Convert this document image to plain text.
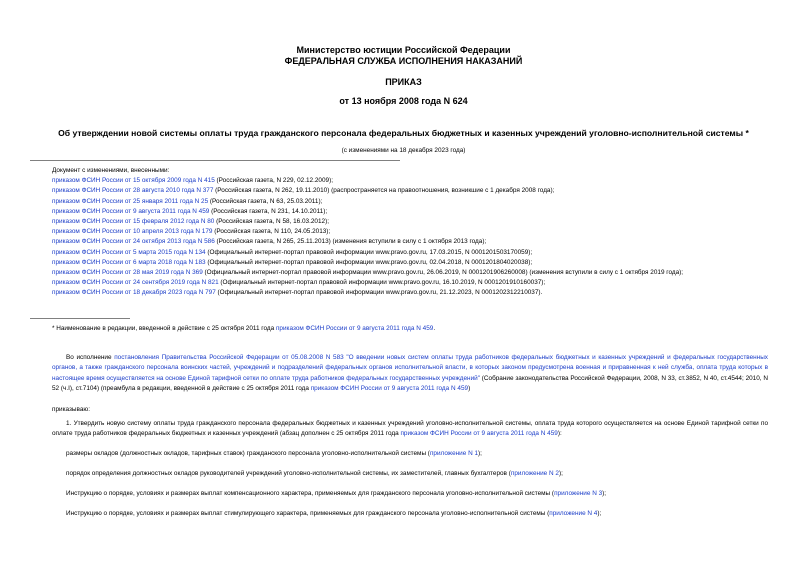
Министерство юстиции Российской Федерации
ФЕДЕРАЛЬНАЯ СЛУЖБА ИСПОЛНЕНИЯ НАКАЗАНИЙ
ПРИКАЗ
от 13 ноября 2008 года N 624
Об утверждении новой системы оплаты труда гражданского персонала федеральных бюджетных и казенных учреждений уголовно-исполнительной системы *
(с изменениями на 18 декабря 2023 года)
Документ с изменениями, внесенными:
приказом ФСИН России от 15 октября 2009 года N 415 (Российская газета, N 229, 02.12.2009);
приказом ФСИН России от 28 августа 2010 года N 377 (Российская газета, N 262, 19.11.2010) (распространяется на правоотношения, возникшие с 1 декабря 2008 года);
приказом ФСИН России от 25 января 2011 года N 25 (Российская газета, N 63, 25.03.2011);
приказом ФСИН России от 9 августа 2011 года N 459 (Российская газета, N 231, 14.10.2011);
приказом ФСИН России от 15 февраля 2012 года N 80 (Российская газета, N 58, 16.03.2012);
приказом ФСИН России от 10 апреля 2013 года N 179 (Российская газета, N 110, 24.05.2013);
приказом ФСИН России от 24 октября 2013 года N 586 (Российская газета, N 265, 25.11.2013) (изменения вступили в силу с 1 октября 2013 года);
приказом ФСИН России от 5 марта 2015 года N 134 (Официальный интернет-портал правовой информации www.pravo.gov.ru, 17.03.2015, N 0001201503170059);
приказом ФСИН России от 6 марта 2018 года N 183 (Официальный интернет-портал правовой информации www.pravo.gov.ru, 02.04.2018, N 0001201804020038);
приказом ФСИН России от 28 мая 2019 года N 369 (Официальный интернет-портал правовой информации www.pravo.gov.ru, 26.06.2019, N 0001201906260008) (изменения вступили в силу с 1 октября 2019 года);
приказом ФСИН России от 24 сентября 2019 года N 821 (Официальный интернет-портал правовой информации www.pravo.gov.ru, 16.10.2019, N 0001201910160037);
приказом ФСИН России от 18 декабря 2023 года N 797 (Официальный интернет-портал правовой информации www.pravo.gov.ru, 21.12.2023, N 0001202312210037).
* Наименование в редакции, введенной в действие с 25 октября 2011 года приказом ФСИН России от 9 августа 2011 года N 459.
Во исполнение постановления Правительства Российской Федерации от 05.08.2008 N 583 "О введении новых систем оплаты труда работников федеральных бюджетных и казенных учреждений и федеральных государственных органов, а также гражданского персонала воинских частей, учреждений и подразделений федеральных органов исполнительной власти, в которых законом предусмотрена военная и приравненная к ней служба, оплата труда которых в настоящее время осуществляется на основе Единой тарифной сетки по оплате труда работников федеральных государственных учреждений" (Собрание законодательства Российской Федерации, 2008, N 33, ст.3852, N 40, ст.4544; 2010, N 52 (ч.I), ст.7104) (преамбула в редакции, введенной в действие с 25 октября 2011 года приказом ФСИН России от 9 августа 2011 года N 459)
приказываю:
1. Утвердить новую систему оплаты труда гражданского персонала федеральных бюджетных и казенных учреждений уголовно-исполнительной системы, оплата труда которого осуществляется на основе Единой тарифной сетки по оплате труда работников федеральных бюджетных и казенных учреждений (абзац дополнен с 25 октября 2011 года приказом ФСИН России от 9 августа 2011 года N 459):
размеры окладов (должностных окладов, тарифных ставок) гражданского персонала уголовно-исполнительной системы (приложение N 1);
порядок определения должностных окладов руководителей учреждений уголовно-исполнительной системы, их заместителей, главных бухгалтеров (приложение N 2);
Инструкцию о порядке, условиях и размерах выплат компенсационного характера, применяемых для гражданского персонала уголовно-исполнительной системы (приложение N 3);
Инструкцию о порядке, условиях и размерах выплат стимулирующего характера, применяемых для гражданского персонала уголовно-исполнительной системы (приложение N 4);
